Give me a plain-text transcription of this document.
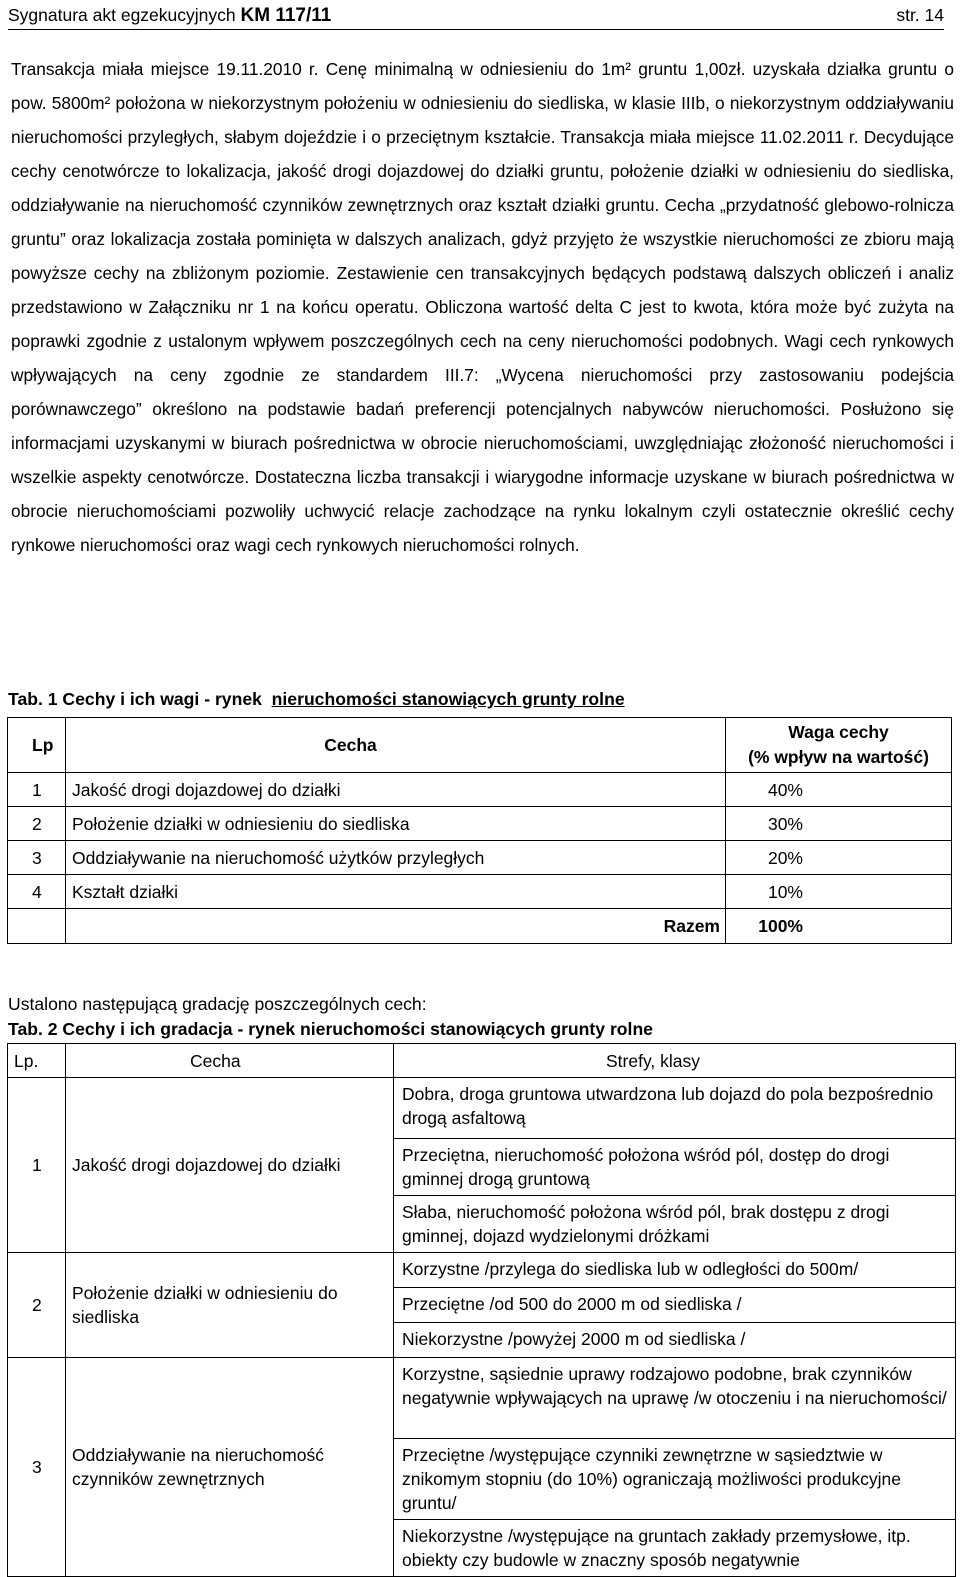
Sygnatura akt egzekucyjnych KM 117/11	str. 14

Transakcja miała miejsce 19.11.2010 r. Cenę minimalną w odniesieniu do 1m² gruntu 1,00zł. uzyskała działka gruntu o pow. 5800m² położona w niekorzystnym położeniu w odniesieniu do siedliska, w klasie IIIb, o niekorzystnym oddziaływaniu nieruchomości przyległych, słabym dojeździe i o przeciętnym kształcie. Transakcja miała miejsce 11.02.2011 r. Decydujące cechy cenotwórcze to lokalizacja, jakość drogi dojazdowej do działki gruntu, położenie działki w odniesieniu do siedliska, oddziaływanie na nieruchomość czynników zewnętrznych oraz kształt działki gruntu. Cecha „przydatność glebowo-rolnicza gruntu” oraz lokalizacja została pominięta w dalszych analizach, gdyż przyjęto że wszystkie nieruchomości ze zbioru mają powyższe cechy na zbliżonym poziomie. Zestawienie cen transakcyjnych będących podstawą dalszych obliczeń i analiz przedstawiono w Załączniku nr 1 na końcu operatu. Obliczona wartość delta C jest to kwota, która może być zużyta na poprawki zgodnie z ustalonym wpływem poszczególnych cech na ceny nieruchomości podobnych. Wagi cech rynkowych wpływających na ceny zgodnie ze standardem III.7: „Wycena nieruchomości przy zastosowaniu podejścia porównawczego” określono na podstawie badań preferencji potencjalnych nabywców nieruchomości. Posłużono się informacjami uzyskanymi w biurach pośrednictwa w obrocie nieruchomościami, uwzględniając złożoność nieruchomości i wszelkie aspekty cenotwórcze. Dostateczna liczba transakcji i wiarygodne informacje uzyskane w biurach pośrednictwa w obrocie nieruchomościami pozwoliły uchwycić relacje zachodzące na rynku lokalnym czyli ostatecznie określić cechy rynkowe nieruchomości oraz wagi cech rynkowych nieruchomości rolnych.

Tab. 1 Cechy i ich wagi - rynek nieruchomości stanowiących grunty rolne
Lp	Cecha	Waga cechy
(% wpływ na wartość)
1	Jakość drogi dojazdowej do działki	40%
2	Położenie działki w odniesieniu do siedliska	30%
3	Oddziaływanie na nieruchomość użytków przyległych	20%
4	Kształt działki	10%
	Razem	100%
Ustalono następującą gradację poszczególnych cech:
Tab. 2 Cechy i ich gradacja - rynek nieruchomości stanowiących grunty rolne
Lp.	Cecha	Strefy, klasy
1	Jakość drogi dojazdowej do działki	Dobra, droga gruntowa utwardzona lub dojazd do pola bezpośrednio drogą asfaltową
		Przeciętna, nieruchomość położona wśród pól, dostęp do drogi gminnej drogą gruntową
		Słaba, nieruchomość położona wśród pól, brak dostępu z drogi gminnej, dojazd wydzielonymi dróżkami
2	Położenie działki w odniesieniu do siedliska	Korzystne /przylega do siedliska lub w odległości do 500m/
		Przeciętne /od 500 do 2000 m od siedliska /
		Niekorzystne /powyżej 2000 m od siedliska /
3	Oddziaływanie na nieruchomość czynników zewnętrznych	Korzystne, sąsiednie uprawy rodzajowo podobne, brak czynników negatywnie wpływających na uprawę /w otoczeniu i na nieruchomości/
		Przeciętne /występujące czynniki zewnętrzne w sąsiedztwie w znikomym stopniu (do 10%) ograniczają możliwości produkcyjne gruntu/
		Niekorzystne /występujące na gruntach zakłady przemysłowe, itp. obiekty czy budowle w znaczny sposób negatywnie
